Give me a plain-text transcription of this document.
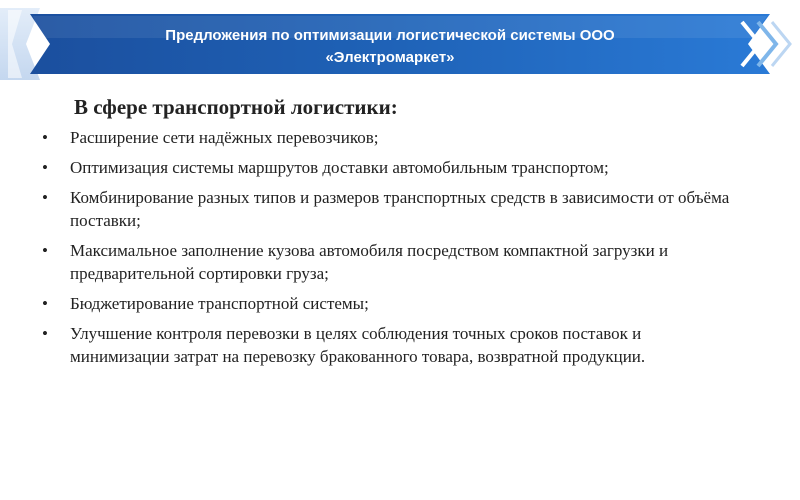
Предложения по оптимизации логистической системы ООО
«Электромаркет»
В сфере транспортной логистики:
• Расширение сети надёжных перевозчиков;
• Оптимизация системы маршрутов доставки автомобильным транспортом;
• Комбинирование разных типов и размеров транспортных средств в зависимости от объёма поставки;
• Максимальное заполнение кузова автомобиля посредством компактной загрузки и предварительной сортировки груза;
• Бюджетирование транспортной системы;
• Улучшение контроля перевозки в целях соблюдения точных сроков поставок и минимизации затрат на перевозку бракованного товара, возвратной продукции.
